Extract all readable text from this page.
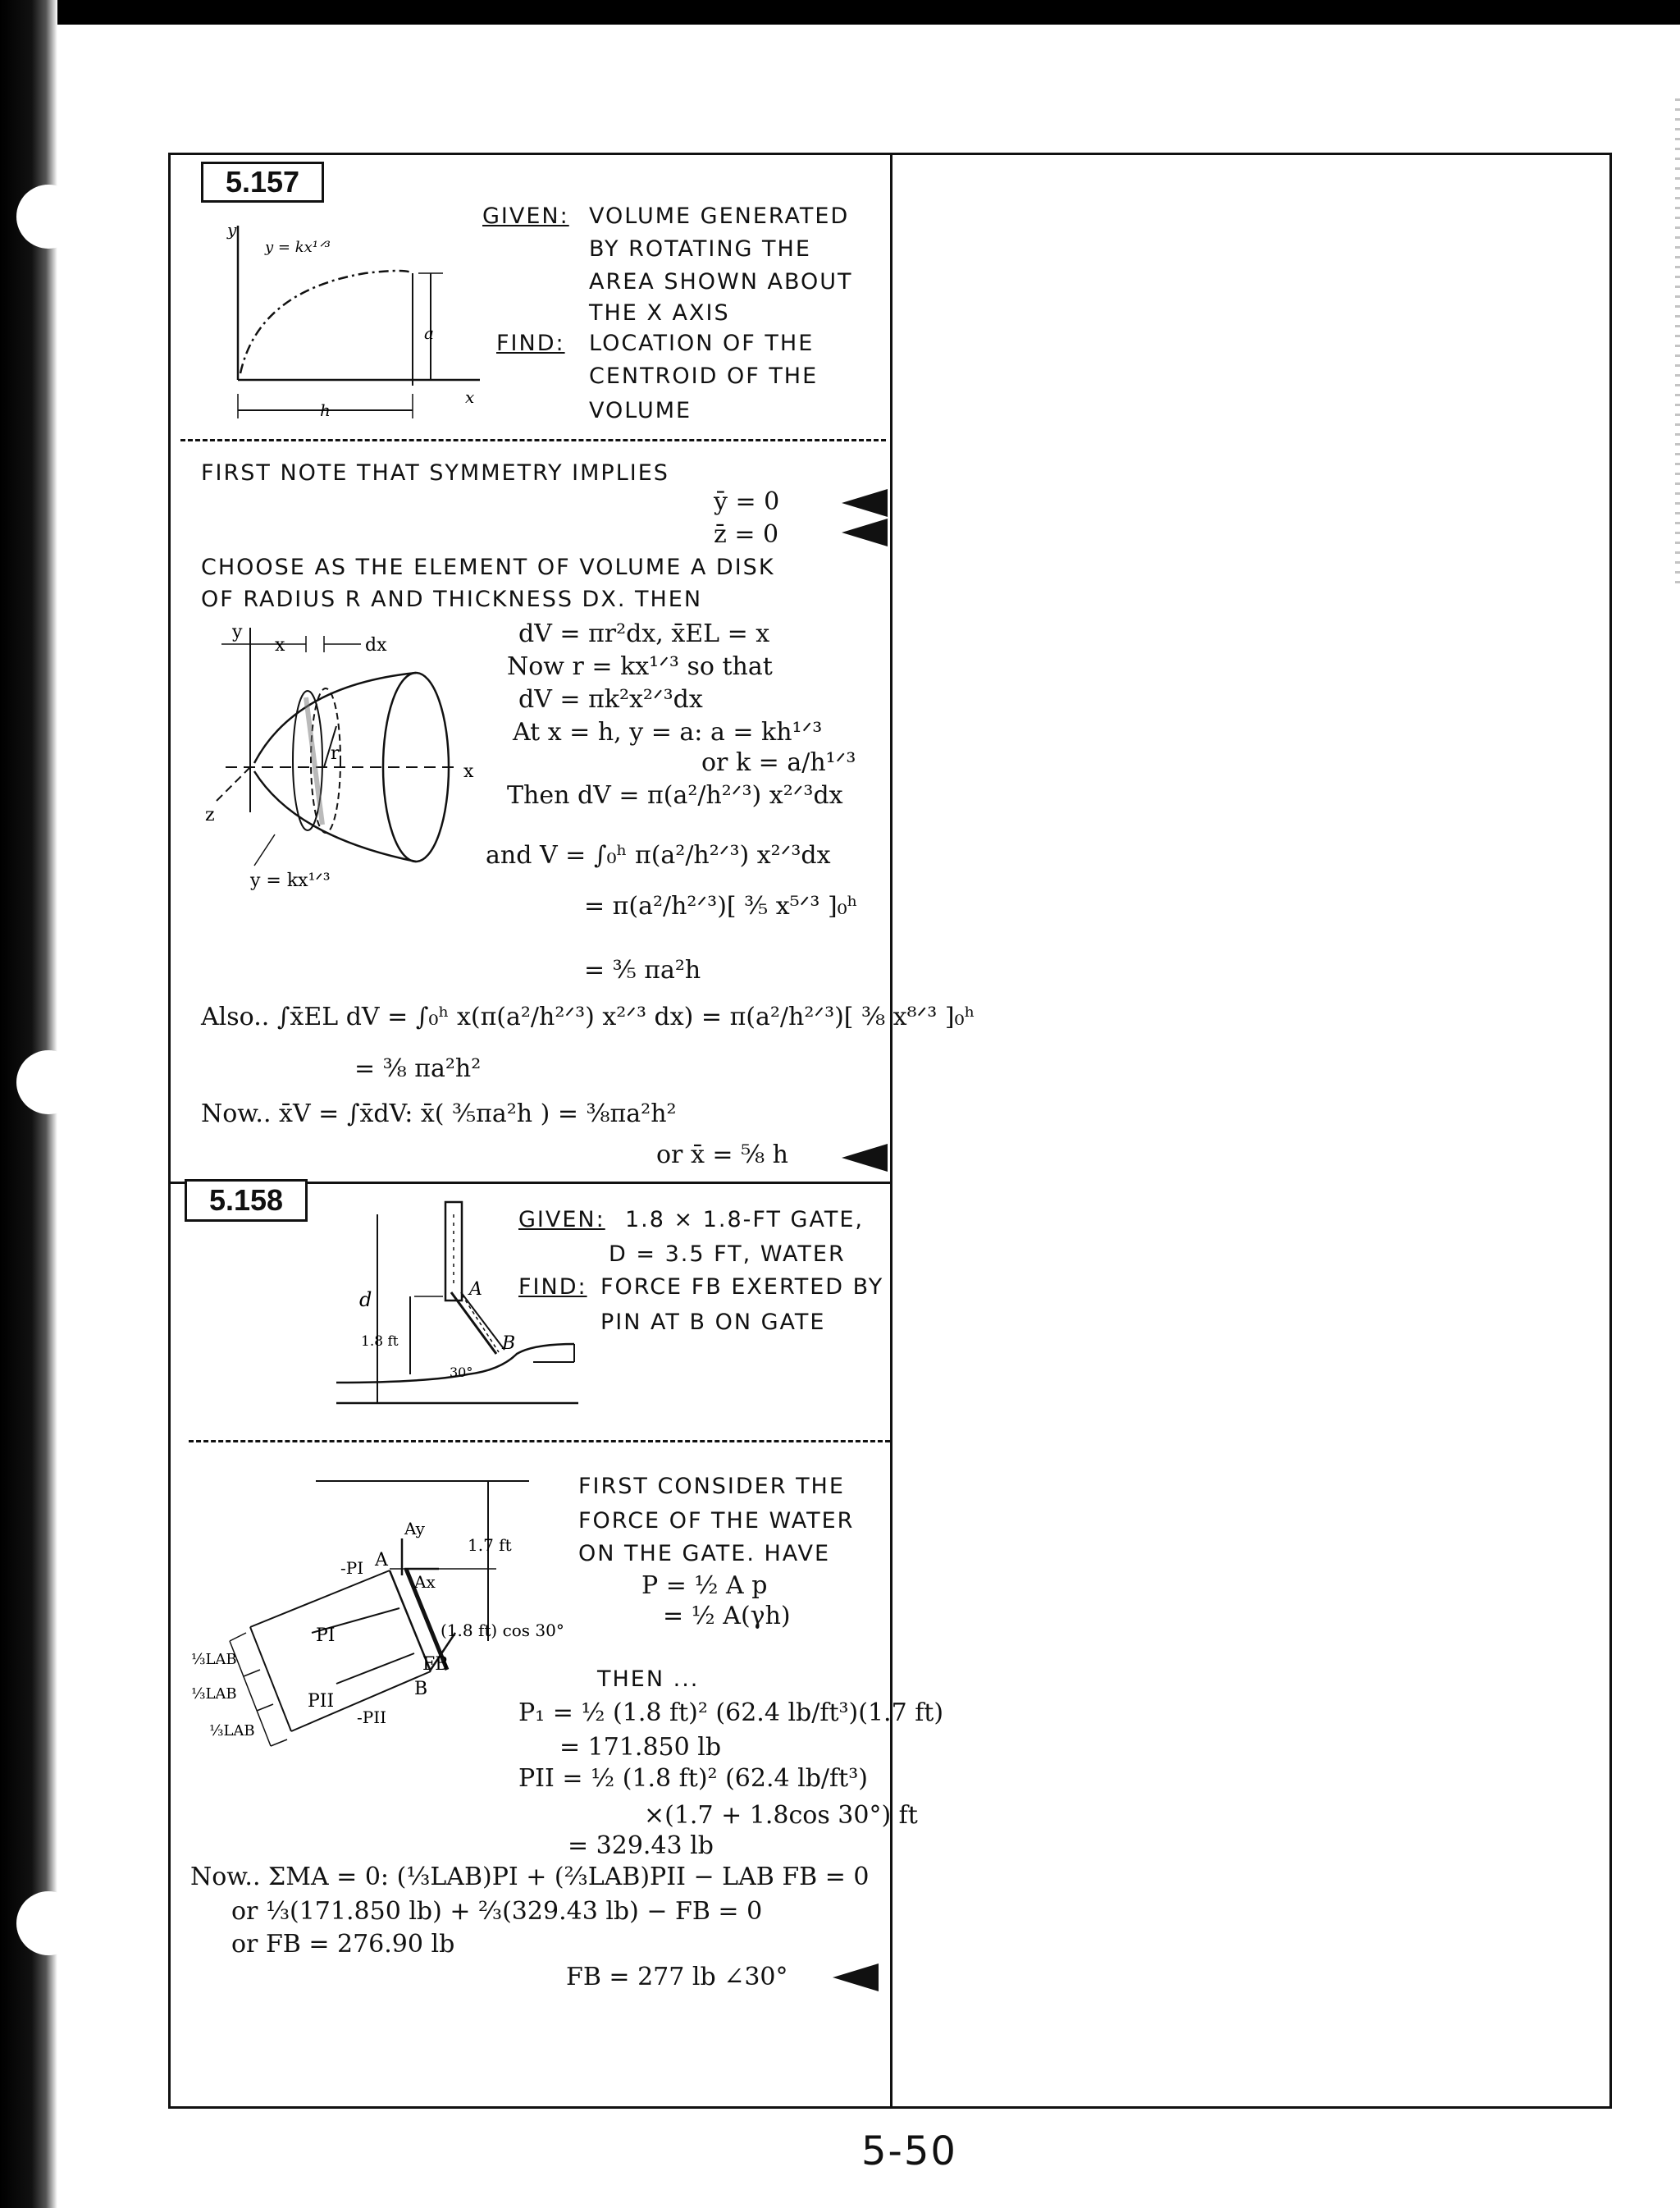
5.157
y
x
y = kx¹ᐟ³
a
h
GIVEN: VOLUME GENERATED
BY ROTATING THE
AREA SHOWN ABOUT
THE X AXIS
FIND: LOCATION OF THE
CENTROID OF THE
VOLUME
FIRST NOTE THAT SYMMETRY IMPLIES
ȳ = 0
z̄ = 0
CHOOSE AS THE ELEMENT OF VOLUME A DISK
OF RADIUS R AND THICKNESS DX. THEN
y
x
z
x	dx
r
y = kx¹ᐟ³
dV = πr²dx, x̄EL = x
Now r = kx¹ᐟ³ so that
dV = πk²x²ᐟ³dx
At x = h, y = a: a = kh¹ᐟ³
or k = a/h¹ᐟ³
Then dV = π(a²/h²ᐟ³) x²ᐟ³dx
and V = ∫₀ʰ π(a²/h²ᐟ³) x²ᐟ³dx
= π(a²/h²ᐟ³)[ ³⁄₅ x⁵ᐟ³ ]₀ʰ
= ³⁄₅ πa²h
Also.. ∫x̄EL dV = ∫₀ʰ x(π(a²/h²ᐟ³) x²ᐟ³ dx) = π(a²/h²ᐟ³)[ ³⁄₈ x⁸ᐟ³ ]₀ʰ
= ³⁄₈ πa²h²
Now.. x̄V = ∫x̄dV: x̄( ³⁄₅πa²h ) = ³⁄₈πa²h²
or x̄ = ⁵⁄₈ h
5.158
d	A
B
1.8 ft
30°
GIVEN: 1.8 × 1.8-FT GATE,
D = 3.5 FT, WATER
FIND: FORCE FB EXERTED BY
PIN AT B ON GATE
1.7 ft
Ay
A
Ax
-PI
PI
PII
-PII
(1.8 ft) cos 30°
FB
B
⅓LAB
⅓LAB
⅓LAB
FIRST CONSIDER THE
FORCE OF THE WATER
ON THE GATE. HAVE
P = ½ A p
= ½ A(γh)
THEN ...
P₁ = ½ (1.8 ft)² (62.4 lb/ft³)(1.7 ft)
= 171.850 lb
PII = ½ (1.8 ft)² (62.4 lb/ft³)
×(1.7 + 1.8cos 30°) ft
= 329.43 lb
Now.. ΣMA = 0: (⅓LAB)PI + (⅔LAB)PII − LAB FB = 0
or ⅓(171.850 lb) + ⅔(329.43 lb) − FB = 0
or FB = 276.90 lb
FB = 277 lb ∠30°
5-50
